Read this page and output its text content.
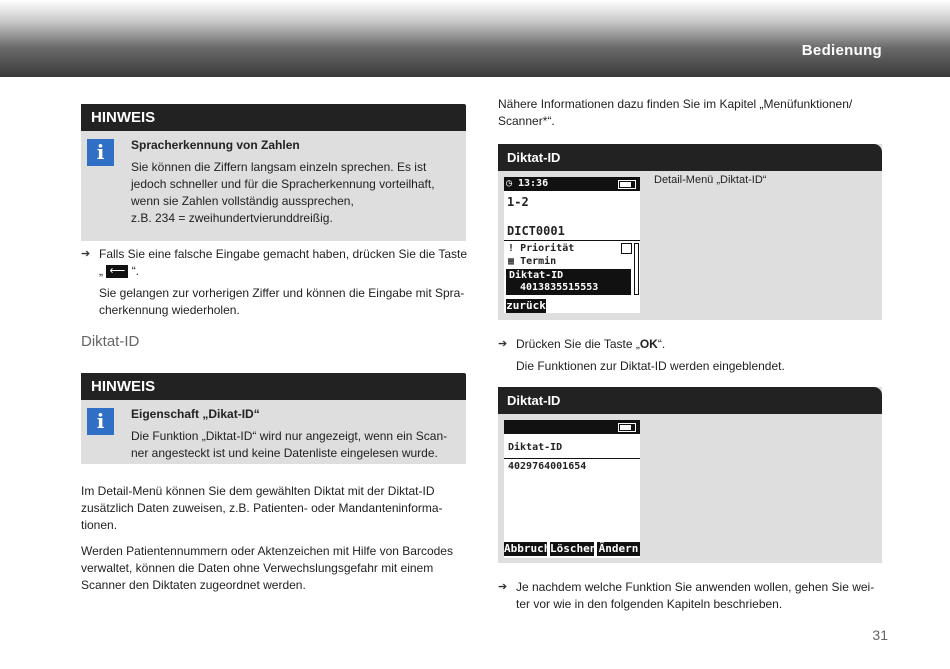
Bedienung
HINWEIS
i	Spracherkennung von Zahlen

Sie können die Ziffern langsam einzeln sprechen. Es ist

jedoch schneller und für die Spracherkennung vorteilhaft,

wenn sie Zahlen vollständig aussprechen,

z.B. 234 = zweihundertvierunddreißig.

➔ Falls Sie eine falsche Eingabe gemacht haben, drücken Sie die Taste

„ ⟵ “.

Sie gelangen zur vorherigen Ziffer und können die Eingabe mit Spra-

cherkennung wiederholen.

Diktat-ID
HINWEIS
i	Eigenschaft „Dikat-ID“

Die Funktion „Diktat-ID“ wird nur angezeigt, wenn ein Scan-

ner angesteckt ist und keine Datenliste eingelesen wurde.

Im Detail-Menü können Sie dem gewählten Diktat mit der Diktat-ID

zusätzlich Daten zuweisen, z.B. Patienten- oder Mandanteninforma-

tionen.

Werden Patientennummern oder Aktenzeichen mit Hilfe von Barcodes

verwaltet, können die Daten ohne Verwechslungsgefahr mit einem

Scanner den Diktaten zugeordnet werden.

Nähere Informationen dazu finden Sie im Kapitel „Menüfunktionen/

Scanner*“.

Diktat-ID
Detail-Menü „Diktat-ID“
◷ 13:36
1-2
DICT0001
! Priorität
▦ Termin
Diktat-ID
4013835515553
zurück
➔ Drücken Sie die Taste „OK“.

Die Funktionen zur Diktat-ID werden eingeblendet.

Diktat-ID
Diktat-ID
4029764001654
Abbruch Löschen Ändern
➔ Je nachdem welche Funktion Sie anwenden wollen, gehen Sie wei-

ter vor wie in den folgenden Kapiteln beschrieben.

31
